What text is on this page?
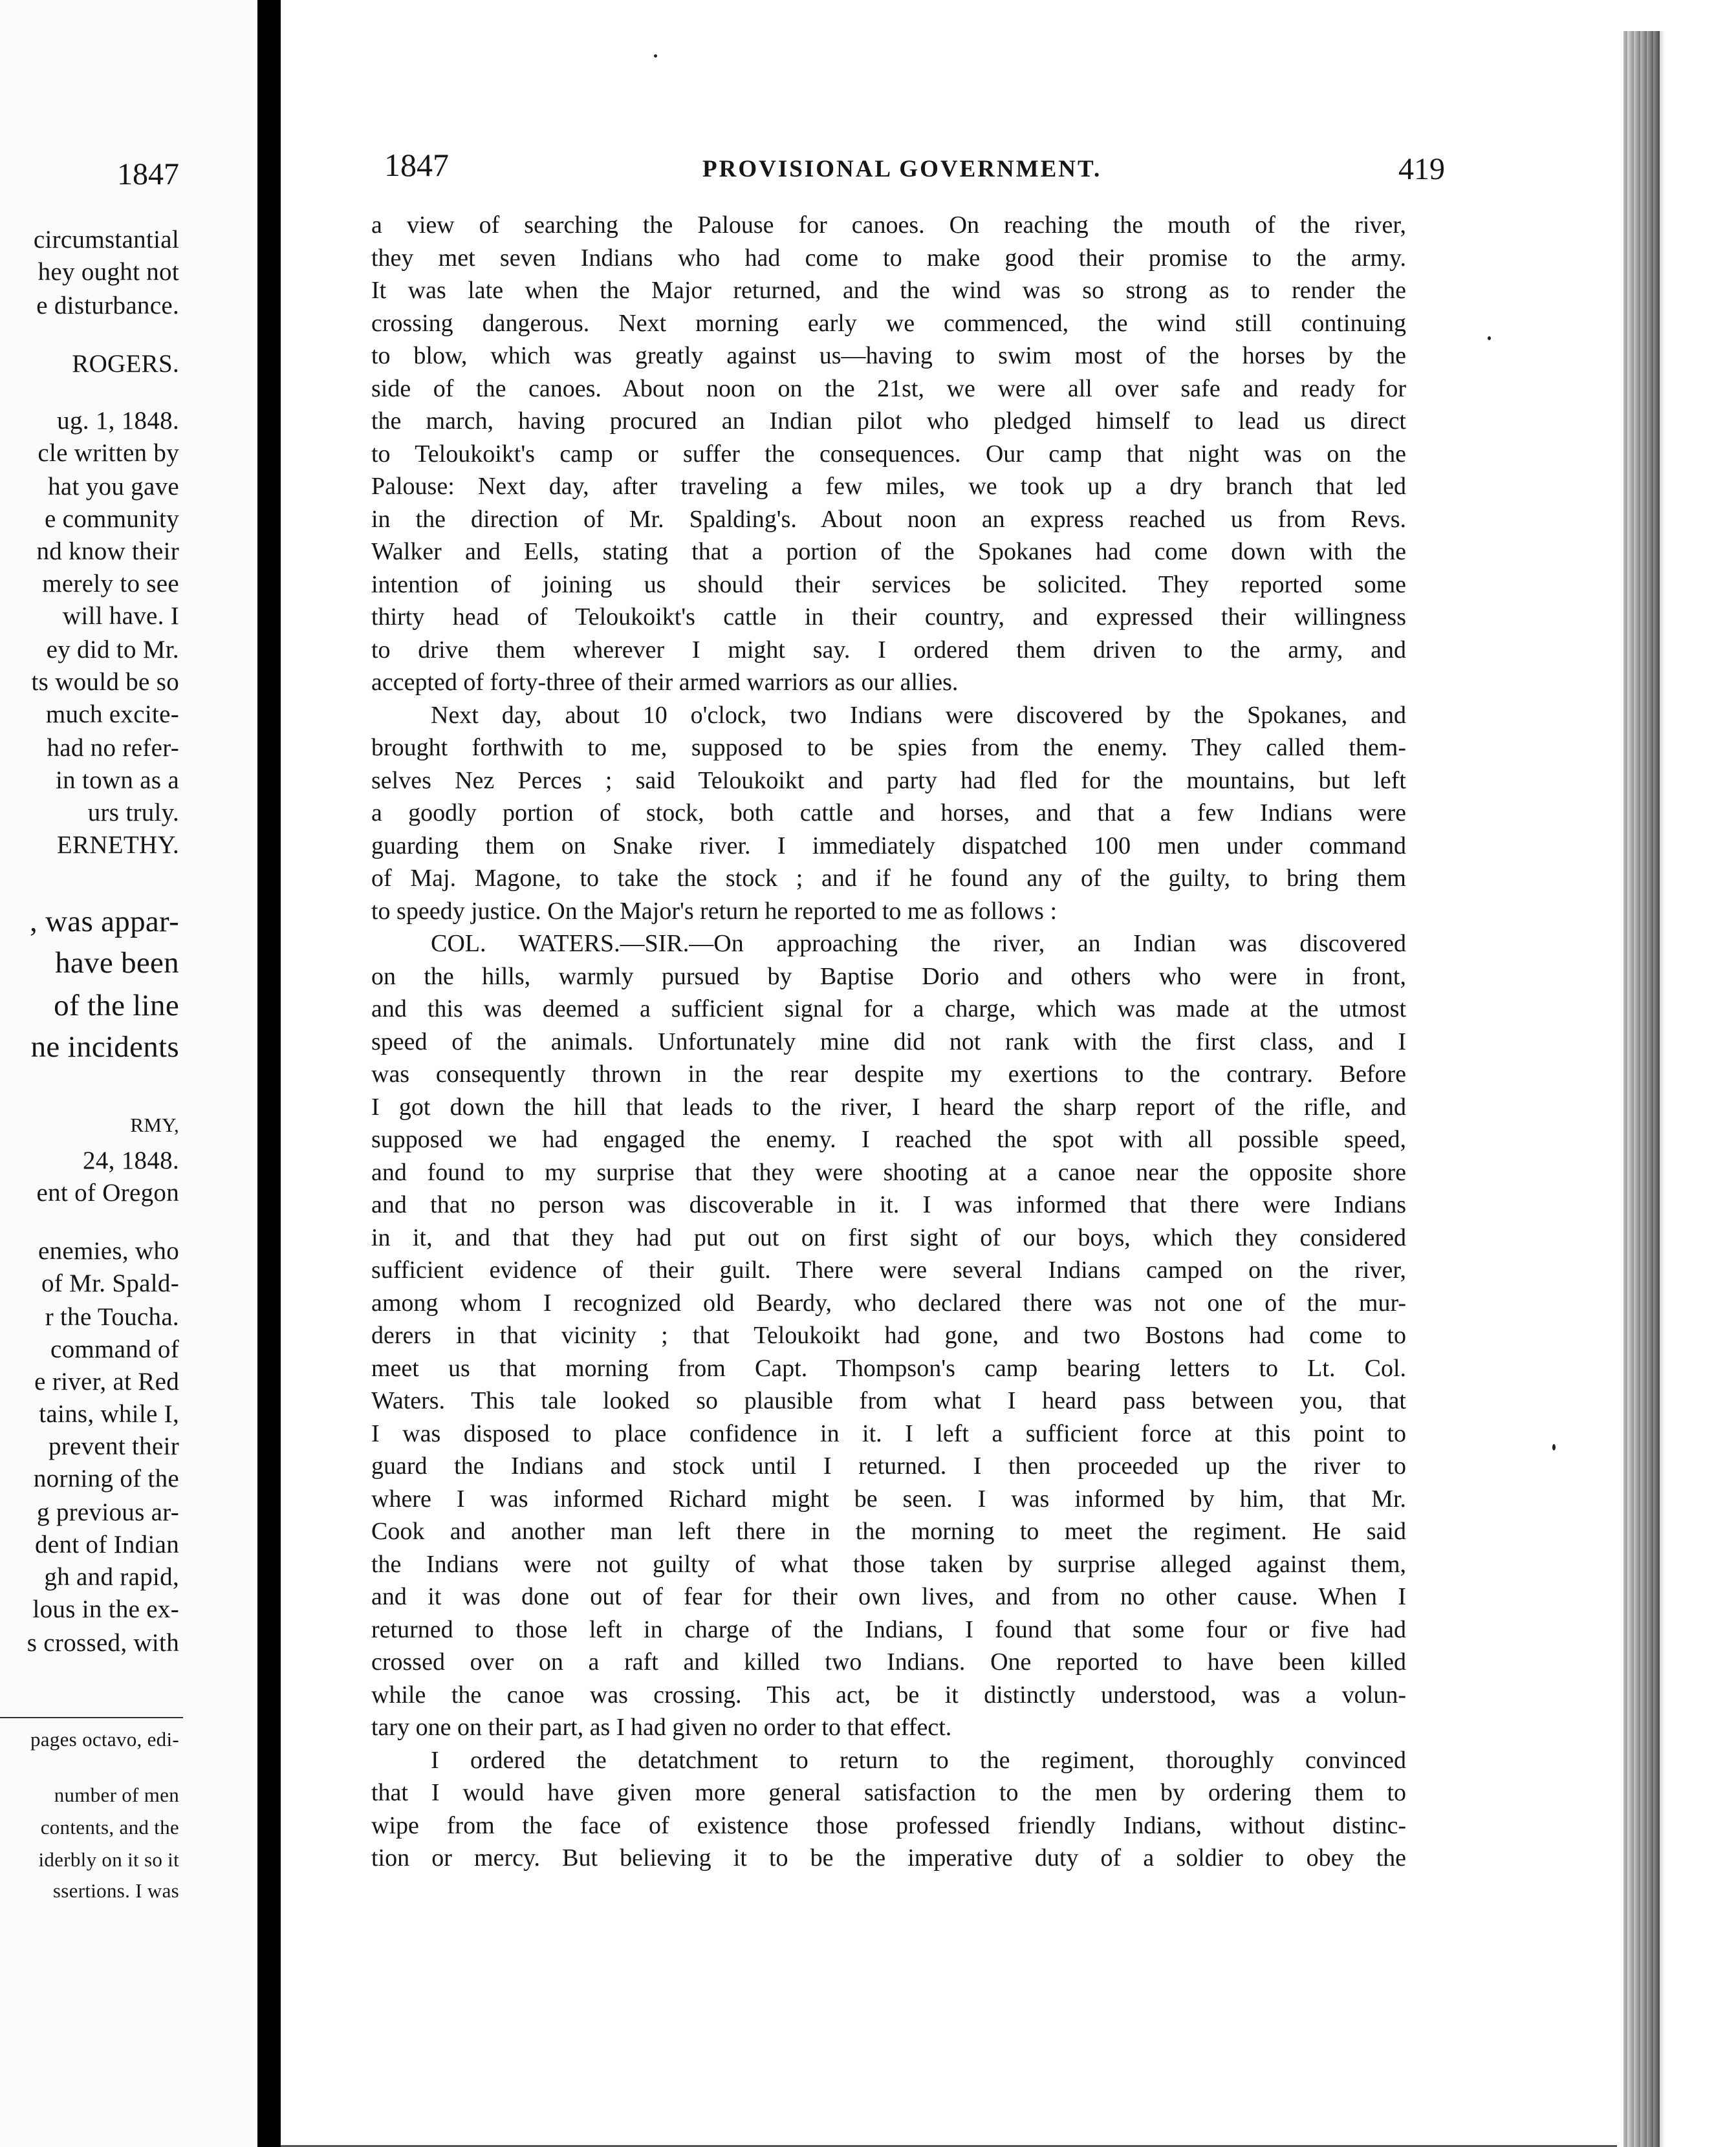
1847
circumstantial
hey ought not
e disturbance.
ROGERS.
ug. 1, 1848.
cle written by
hat you gave
e community
nd know their
merely to see
will have. I
ey did to Mr.
ts would be so
much excite-
had no refer-
in town as a
urs truly.
ERNETHY.
, was appar-
have been
of the line
ne incidents
RMY,
24, 1848.
ent of Oregon
enemies, who
of Mr. Spald-
r the Toucha.
command of
e river, at Red
tains, while I,
prevent their
norning of the
g previous ar-
dent of Indian
gh and rapid,
lous in the ex-
s crossed, with
pages octavo, edi-
number of men
contents, and the
iderbly on it so it
ssertions. I was
1847	PROVISIONAL GOVERNMENT.	419

a view of searching the Palouse for canoes. On reaching the mouth of the river,

they met seven Indians who had come to make good their promise to the army.

It was late when the Major returned, and the wind was so strong as to render the

crossing dangerous. Next morning early we commenced, the wind still continuing

to blow, which was greatly against us—having to swim most of the horses by the

side of the canoes. About noon on the 21st, we were all over safe and ready for

the march, having procured an Indian pilot who pledged himself to lead us direct

to Teloukoikt's camp or suffer the consequences. Our camp that night was on the

Palouse: Next day, after traveling a few miles, we took up a dry branch that led

in the direction of Mr. Spalding's. About noon an express reached us from Revs.

Walker and Eells, stating that a portion of the Spokanes had come down with the

intention of joining us should their services be solicited. They reported some

thirty head of Teloukoikt's cattle in their country, and expressed their willingness

to drive them wherever I might say. I ordered them driven to the army, and

accepted of forty-three of their armed warriors as our allies.

Next day, about 10 o'clock, two Indians were discovered by the Spokanes, and

brought forthwith to me, supposed to be spies from the enemy. They called them-

selves Nez Perces ; said Teloukoikt and party had fled for the mountains, but left

a goodly portion of stock, both cattle and horses, and that a few Indians were

guarding them on Snake river. I immediately dispatched 100 men under command

of Maj. Magone, to take the stock ; and if he found any of the guilty, to bring them

to speedy justice. On the Major's return he reported to me as follows :

COL. WATERS.—SIR.—On approaching the river, an Indian was discovered

on the hills, warmly pursued by Baptise Dorio and others who were in front,

and this was deemed a sufficient signal for a charge, which was made at the utmost

speed of the animals. Unfortunately mine did not rank with the first class, and I

was consequently thrown in the rear despite my exertions to the contrary. Before

I got down the hill that leads to the river, I heard the sharp report of the rifle, and

supposed we had engaged the enemy. I reached the spot with all possible speed,

and found to my surprise that they were shooting at a canoe near the opposite shore

and that no person was discoverable in it. I was informed that there were Indians

in it, and that they had put out on first sight of our boys, which they considered

sufficient evidence of their guilt. There were several Indians camped on the river,

among whom I recognized old Beardy, who declared there was not one of the mur-

derers in that vicinity ; that Teloukoikt had gone, and two Bostons had come to

meet us that morning from Capt. Thompson's camp bearing letters to Lt. Col.

Waters. This tale looked so plausible from what I heard pass between you, that

I was disposed to place confidence in it. I left a sufficient force at this point to

guard the Indians and stock until I returned. I then proceeded up the river to

where I was informed Richard might be seen. I was informed by him, that Mr.

Cook and another man left there in the morning to meet the regiment. He said

the Indians were not guilty of what those taken by surprise alleged against them,

and it was done out of fear for their own lives, and from no other cause. When I

returned to those left in charge of the Indians, I found that some four or five had

crossed over on a raft and killed two Indians. One reported to have been killed

while the canoe was crossing. This act, be it distinctly understood, was a volun-

tary one on their part, as I had given no order to that effect.

I ordered the detatchment to return to the regiment, thoroughly convinced

that I would have given more general satisfaction to the men by ordering them to

wipe from the face of existence those professed friendly Indians, without distinc-

tion or mercy. But believing it to be the imperative duty of a soldier to obey the
